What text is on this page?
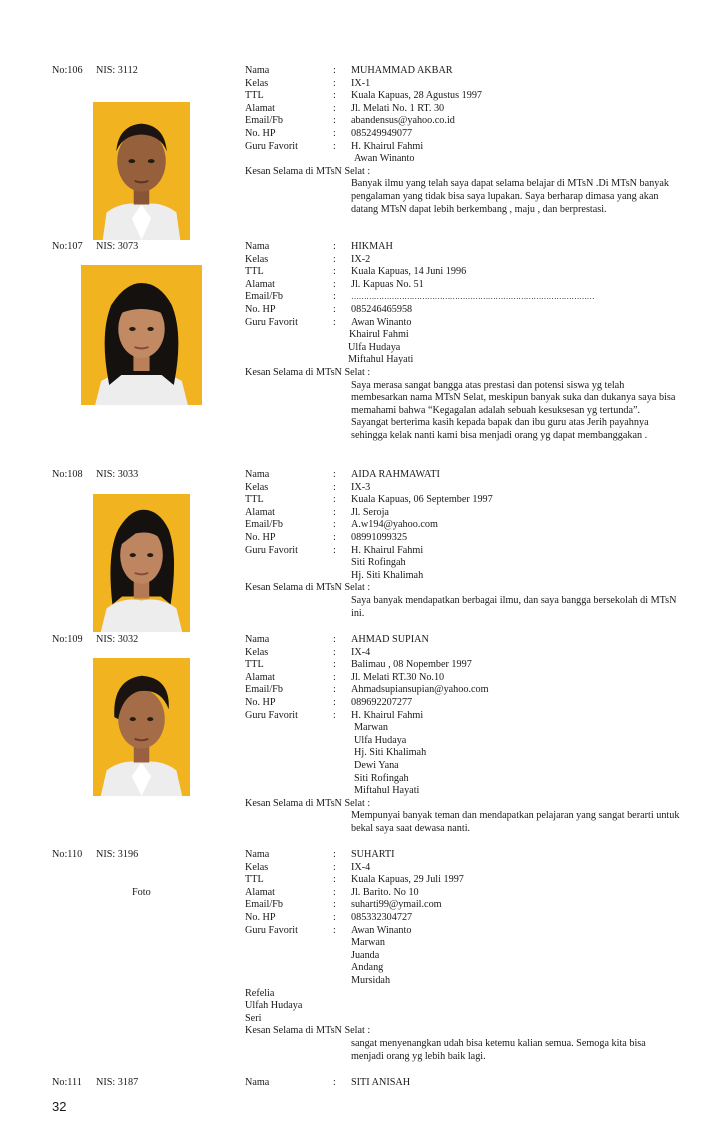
No:106 NIS: 3112	Nama	: MUHAMMAD AKBAR
Kelas	: IX-1
TTL	: Kuala Kapuas, 28 Agustus 1997
Alamat	: Jl. Melati No. 1 RT. 30
Email/Fb	: abandensus@yahoo.co.id
No. HP	: 085249949077
Guru Favorit	: H. Khairul Fahmi
Awan Winanto
Kesan Selama di MTsN Selat :

Banyak ilmu yang telah saya dapat selama belajar di MTsN .Di MTsN banyak pengalaman yang tidak bisa saya lupakan. Saya berharap dimasa yang akan datang MTsN dapat lebih berkembang , maju , dan berprestasi.

No:107 NIS: 3073	Nama	: HIKMAH
Kelas	: IX-2
TTL	: Kuala Kapuas, 14 Juni 1996
Alamat	: Jl. Kapuas No. 51
Email/Fb	: ……………………………………………………………………………………
No. HP	: 085246465958
Guru Favorit	: Awan Winanto
Khairul Fahmi
Ulfa Hudaya
Miftahul Hayati
Kesan Selama di MTsN Selat :

Saya merasa sangat bangga atas prestasi dan potensi siswa yg telah membesarkan nama MTsN Selat, meskipun banyak suka dan dukanya saya bisa memahami bahwa “Kegagalan adalah sebuah kesuksesan yg tertunda”.

Sayangat berterima kasih kepada bapak dan ibu guru atas Jerih payahnya sehingga kelak nanti kami bisa menjadi orang yg dapat membanggakan .

No:108 NIS: 3033	Nama	: AIDA RAHMAWATI
Kelas	: IX-3
TTL	: Kuala Kapuas, 06 September 1997
Alamat	: Jl. Seroja
Email/Fb	: A.w194@yahoo.com
No. HP	: 08991099325
Guru Favorit	: H. Khairul Fahmi
Siti Rofingah
Hj. Siti Khalimah
Kesan Selama di MTsN Selat :

Saya banyak mendapatkan berbagai ilmu, dan saya bangga bersekolah di MTsN ini.

No:109 NIS: 3032	Nama	: AHMAD SUPIAN
Kelas	: IX-4
TTL	: Balimau , 08 Nopember 1997
Alamat	: Jl. Melati RT.30 No.10
Email/Fb	: Ahmadsupiansupian@yahoo.com
No. HP	: 089692207277
Guru Favorit	: H. Khairul Fahmi
Marwan
Ulfa Hudaya
Hj. Siti Khalimah
Dewi Yana
Siti Rofingah
Miftahul Hayati
Kesan Selama di MTsN Selat :

Mempunyai banyak teman dan mendapatkan pelajaran yang sangat berarti untuk bekal saya saat dewasa nanti.

No:110 NIS: 3196
Foto
Nama	: SUHARTI
Kelas	: IX-4
TTL	: Kuala Kapuas, 29 Juli 1997
Alamat	: Jl. Barito. No 10
Email/Fb	: suharti99@ymail.com
No. HP	: 085332304727
Guru Favorit	: Awan Winanto
Marwan
Juanda
Andang
Mursidah
Refelia
Ulfah Hudaya
Seri
Kesan Selama di MTsN Selat :

sangat menyenangkan udah bisa ketemu kalian semua. Semoga kita bisa menjadi orang yg lebih baik lagi.

No:111 NIS: 3187	Nama	: SITI ANISAH
32
